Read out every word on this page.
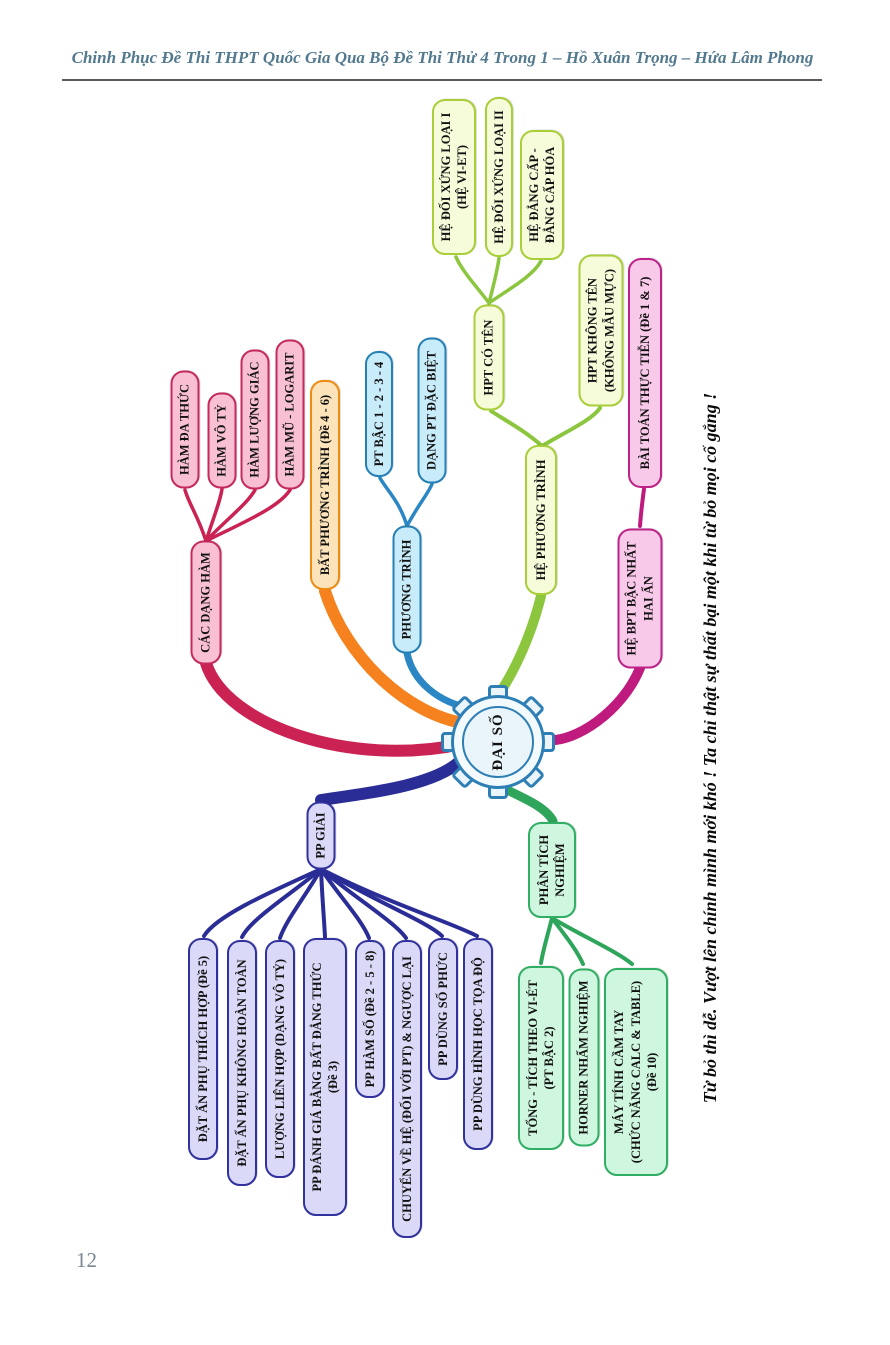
Chinh Phục Đề Thi THPT Quốc Gia Qua Bộ Đề Thi Thử 4 Trong 1 – Hồ Xuân Trọng – Hứa Lâm Phong
ĐẠI SỐ
CÁC DẠNG HÀM
HÀM ĐA THỨC HÀM VÔ TỶ HÀM LƯỢNG GIÁC HÀM MŨ - LOGARIT BẤT PHƯƠNG TRÌNH (Đề 4 - 6)
PHƯƠNG TRÌNH
PT BẬC 1 - 2 - 3 - 4	DẠNG PT ĐẶC BIỆT
HỆ PHƯƠNG TRÌNH
HPT CÓ TÊN
HỆ ĐỐI XỨNG LOẠI I (HỆ VI-ET) HỆ ĐỐI XỨNG LOẠI II HỆ ĐẲNG CẤP - ĐẲNG CẤP HÓA
HPT KHÔNG TÊN (KHÔNG MẪU MỰC) BÀI TOÁN THỰC TIỄN (Đề 1 & 7)
HỆ BPT BẬC NHẤT HAI ẨN
PP GIẢI
ĐẶT ẨN PHỤ THÍCH HỢP (Đề 5) ĐẶT ẨN PHỤ KHÔNG HOÀN TOÀN LƯỢNG LIÊN HỢP (DẠNG VÔ TỶ) PP ĐÁNH GIÁ BẰNG BẤT ĐẲNG THỨC (Đề 3) PP HÀM SỐ (Đề 2 - 5 - 8) CHUYỂN VỀ HỆ (ĐỐI VỚI PT) & NGƯỢC LẠI PP DÙNG SỐ PHỨC PP DÙNG HÌNH HỌC TỌA ĐỘ
PHÂN TÍCH NGHIỆM
TỔNG - TÍCH THEO VI-ÉT (PT BẬC 2) HORNER NHẨM NGHIỆM MÁY TÍNH CẦM TAY (CHỨC NĂNG CALC & TABLE) (Đề 10) Từ bỏ thì dễ. Vượt lên chính mình mới khó ! Ta chỉ thật sự thất bại một khi từ bỏ mọi cố gắng !
12
